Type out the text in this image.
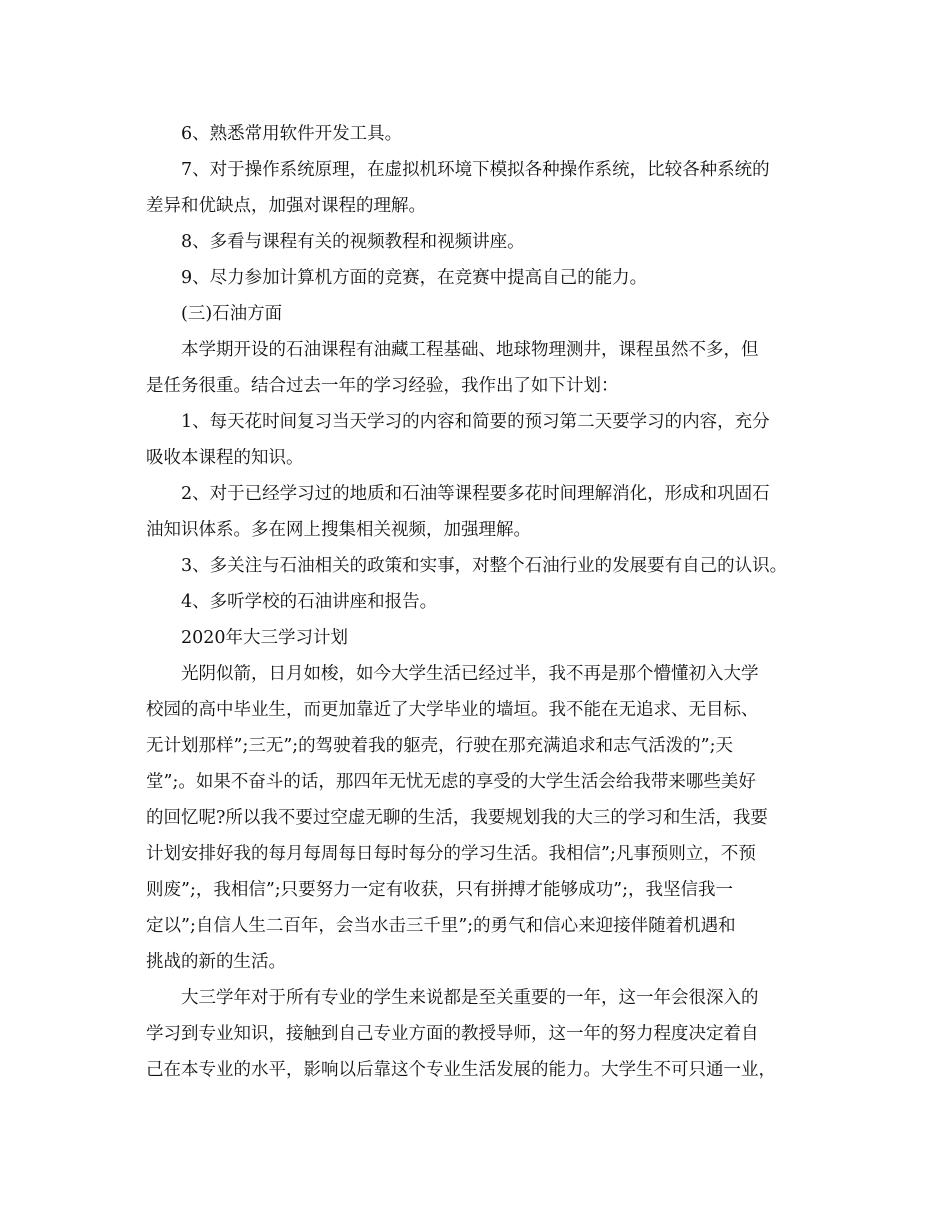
6、熟悉常用软件开发工具。
7、对于操作系统原理，在虚拟机环境下模拟各种操作系统，比较各种系统的
差异和优缺点，加强对课程的理解。
8、多看与课程有关的视频教程和视频讲座。
9、尽力参加计算机方面的竞赛，在竞赛中提高自己的能力。
(三)石油方面
本学期开设的石油课程有油藏工程基础、地球物理测井，课程虽然不多，但
是任务很重。结合过去一年的学习经验，我作出了如下计划：
1、每天花时间复习当天学习的内容和简要的预习第二天要学习的内容，充分
吸收本课程的知识。
2、对于已经学习过的地质和石油等课程要多花时间理解消化，形成和巩固石
油知识体系。多在网上搜集相关视频，加强理解。
3、多关注与石油相关的政策和实事，对整个石油行业的发展要有自己的认识。
4、多听学校的石油讲座和报告。
2020年大三学习计划
光阴似箭，日月如梭，如今大学生活已经过半，我不再是那个懵懂初入大学
校园的高中毕业生，而更加靠近了大学毕业的墙垣。我不能在无追求、无目标、
无计划那样”;三无”;的驾驶着我的躯壳，行驶在那充满追求和志气活泼的”;天
堂”;。如果不奋斗的话，那四年无忧无虑的享受的大学生活会给我带来哪些美好
的回忆呢?所以我不要过空虚无聊的生活，我要规划我的大三的学习和生活，我要
计划安排好我的每月每周每日每时每分的学习生活。我相信”;凡事预则立，不预
则废”;，我相信”;只要努力一定有收获，只有拼搏才能够成功”;，我坚信我一
定以”;自信人生二百年，会当水击三千里”;的勇气和信心来迎接伴随着机遇和
挑战的新的生活。
大三学年对于所有专业的学生来说都是至关重要的一年，这一年会很深入的
学习到专业知识，接触到自己专业方面的教授导师，这一年的努力程度决定着自
己在本专业的水平，影响以后靠这个专业生活发展的能力。大学生不可只通一业，
